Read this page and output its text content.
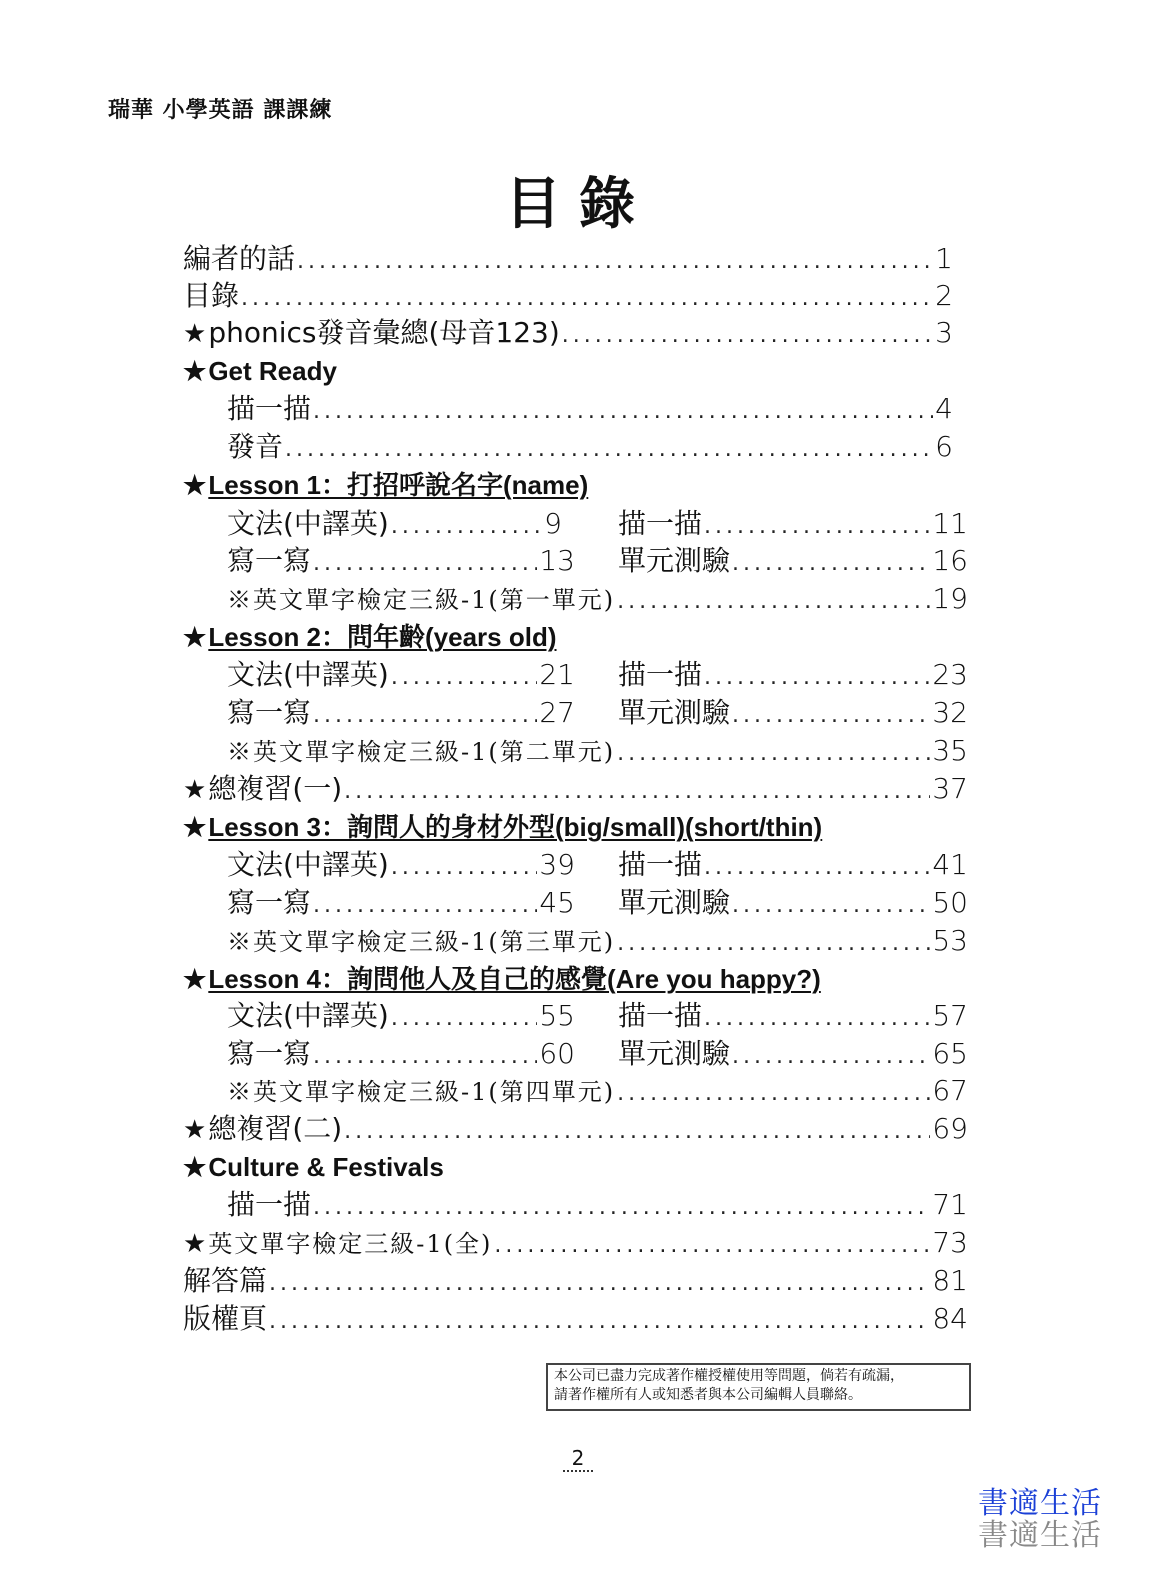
瑞華 小學英語 課課練
目錄
編者的話 .....	1
目錄 .....	2
★phonics發音彙總(母音123) .....	3
★Get Ready
描一描 .....	4
發音 .....	6
★Lesson 1：打招呼說名字(name)
文法(中譯英) .....	9 描一描 .....	11
寫一寫 .....	13 單元測驗 .....	16
※英文單字檢定三級-1(第一單元) .....	19
★Lesson 2：問年齡(years old)
文法(中譯英) .....	21 描一描 .....	23
寫一寫 .....	27 單元測驗 .....	32
※英文單字檢定三級-1(第二單元) .....	35
★總複習(一) .....	37
★Lesson 3：詢問人的身材外型(big/small)(short/thin)
文法(中譯英) .....	39 描一描 .....	41
寫一寫 .....	45 單元測驗 .....	50
※英文單字檢定三級-1(第三單元) .....	53
★Lesson 4：詢問他人及自己的感覺(Are you happy?)
文法(中譯英) .....	55 描一描 .....	57
寫一寫 .....	60 單元測驗 .....	65
※英文單字檢定三級-1(第四單元) .....	67
★總複習(二) .....	69
★Culture & Festivals
描一描 .....	71
★英文單字檢定三級-1(全) .....	73
解答篇 .....	81
版權頁 .....	84
本公司已盡力完成著作權授權使用等問題，倘若有疏漏，
請著作權所有人或知悉者與本公司編輯人員聯絡。
2
書適生活
書適生活
